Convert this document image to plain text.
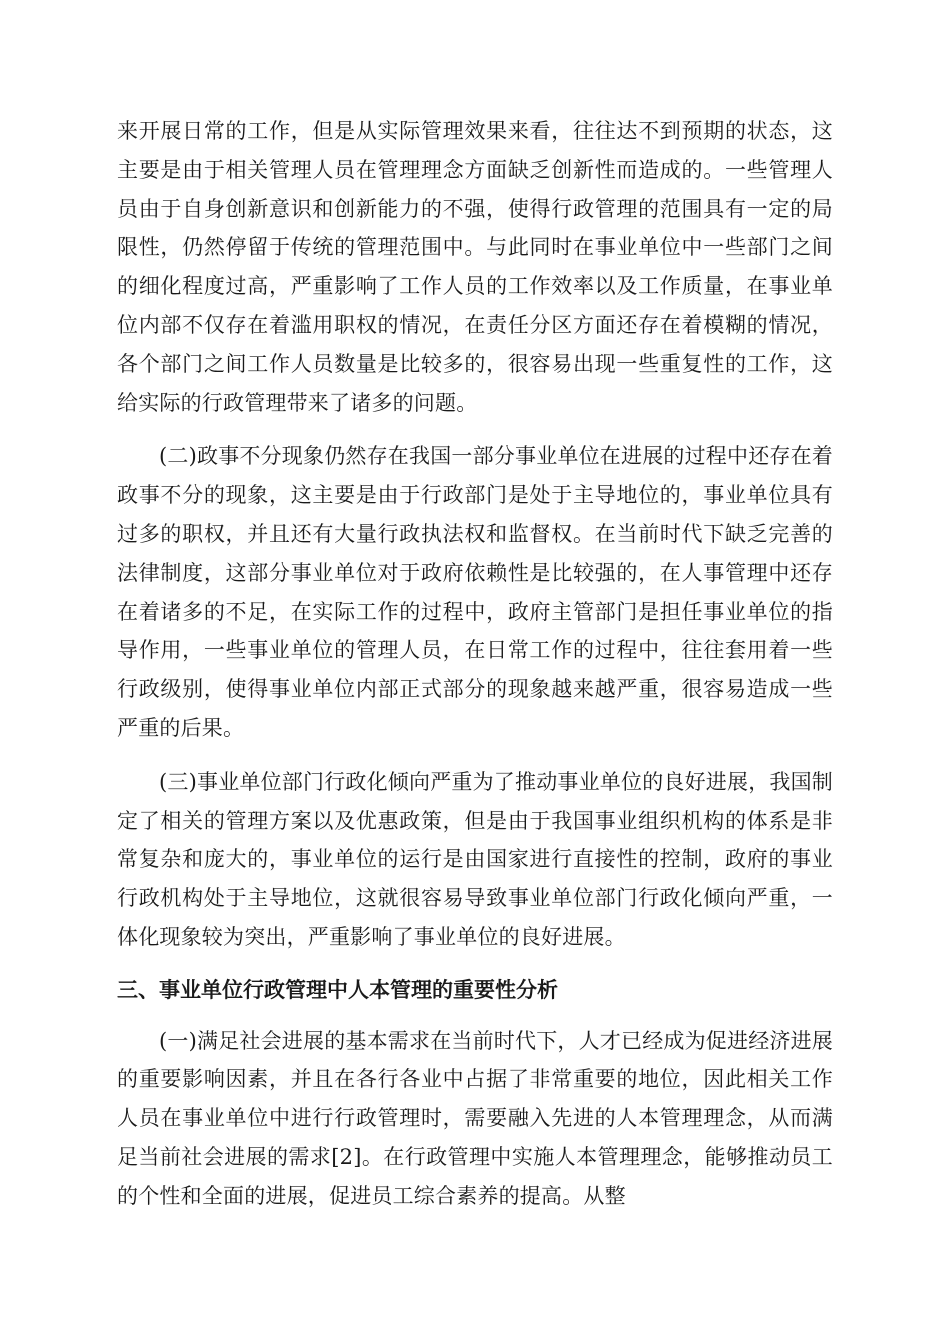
来开展日常的工作，但是从实际管理效果来看，往往达不到预期的状态，这主要是由于相关管理人员在管理理念方面缺乏创新性而造成的。一些管理人员由于自身创新意识和创新能力的不强，使得行政管理的范围具有一定的局限性，仍然停留于传统的管理范围中。与此同时在事业单位中一些部门之间的细化程度过高，严重影响了工作人员的工作效率以及工作质量，在事业单位内部不仅存在着滥用职权的情况，在责任分区方面还存在着模糊的情况，各个部门之间工作人员数量是比较多的，很容易出现一些重复性的工作，这给实际的行政管理带来了诸多的问题。

(二)政事不分现象仍然存在我国一部分事业单位在进展的过程中还存在着政事不分的现象，这主要是由于行政部门是处于主导地位的，事业单位具有过多的职权，并且还有大量行政执法权和监督权。在当前时代下缺乏完善的法律制度，这部分事业单位对于政府依赖性是比较强的，在人事管理中还存在着诸多的不足，在实际工作的过程中，政府主管部门是担任事业单位的指导作用，一些事业单位的管理人员，在日常工作的过程中，往往套用着一些行政级别，使得事业单位内部正式部分的现象越来越严重，很容易造成一些严重的后果。

(三)事业单位部门行政化倾向严重为了推动事业单位的良好进展，我国制定了相关的管理方案以及优惠政策，但是由于我国事业组织机构的体系是非常复杂和庞大的，事业单位的运行是由国家进行直接性的控制，政府的事业行政机构处于主导地位，这就很容易导致事业单位部门行政化倾向严重，一体化现象较为突出，严重影响了事业单位的良好进展。

三、事业单位行政管理中人本管理的重要性分析

(一)满足社会进展的基本需求在当前时代下，人才已经成为促进经济进展的重要影响因素，并且在各行各业中占据了非常重要的地位，因此相关工作人员在事业单位中进行行政管理时，需要融入先进的人本管理理念，从而满足当前社会进展的需求[2]。在行政管理中实施人本管理理念，能够推动员工的个性和全面的进展，促进员工综合素养的提高。从整
